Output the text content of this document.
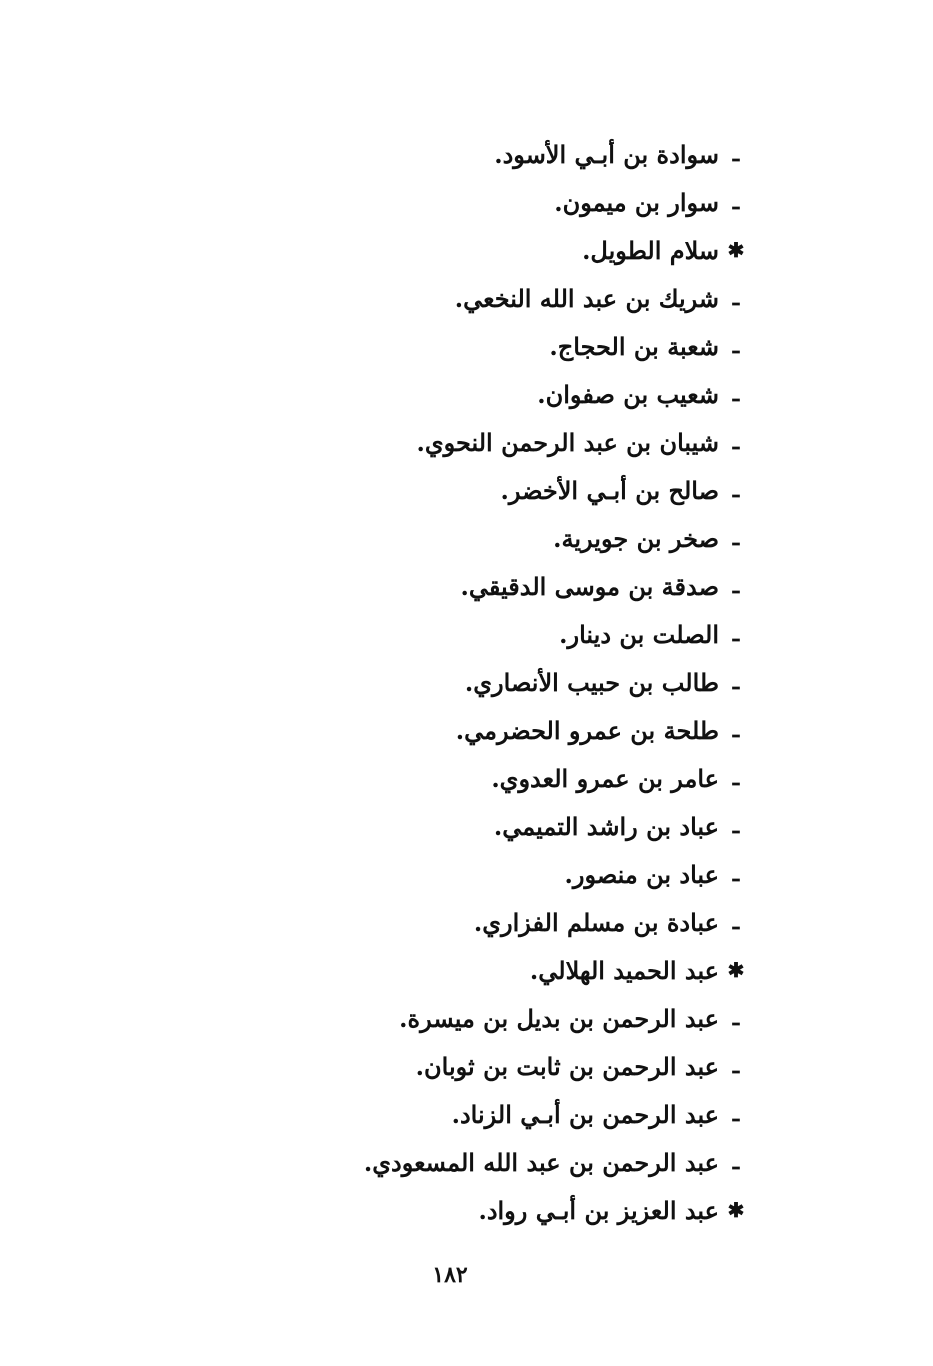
ـ
سوادة بن أبـي الأسود.
ـ
سوار بن ميمون.
✱
سلام الطويل.
ـ
شريك بن عبد الله النخعي.
ـ
شعبة بن الحجاج.
ـ
شعيب بن صفوان.
ـ
شيبان بن عبد الرحمن النحوي.
ـ
صالح بن أبـي الأخضر.
ـ
صخر بن جويرية.
ـ
صدقة بن موسى الدقيقي.
ـ
الصلت بن دينار.
ـ
طالب بن حبيب الأنصاري.
ـ
طلحة بن عمرو الحضرمي.
ـ
عامر بن عمرو العدوي.
ـ
عباد بن راشد التميمي.
ـ
عباد بن منصور.
ـ
عبادة بن مسلم الفزاري.
✱
عبد الحميد الهلالي.
ـ
عبد الرحمن بن بديل بن ميسرة.
ـ
عبد الرحمن بن ثابت بن ثوبان.
ـ
عبد الرحمن بن أبـي الزناد.
ـ
عبد الرحمن بن عبد الله المسعودي.
✱
عبد العزيز بن أبـي رواد.
١٨٢
